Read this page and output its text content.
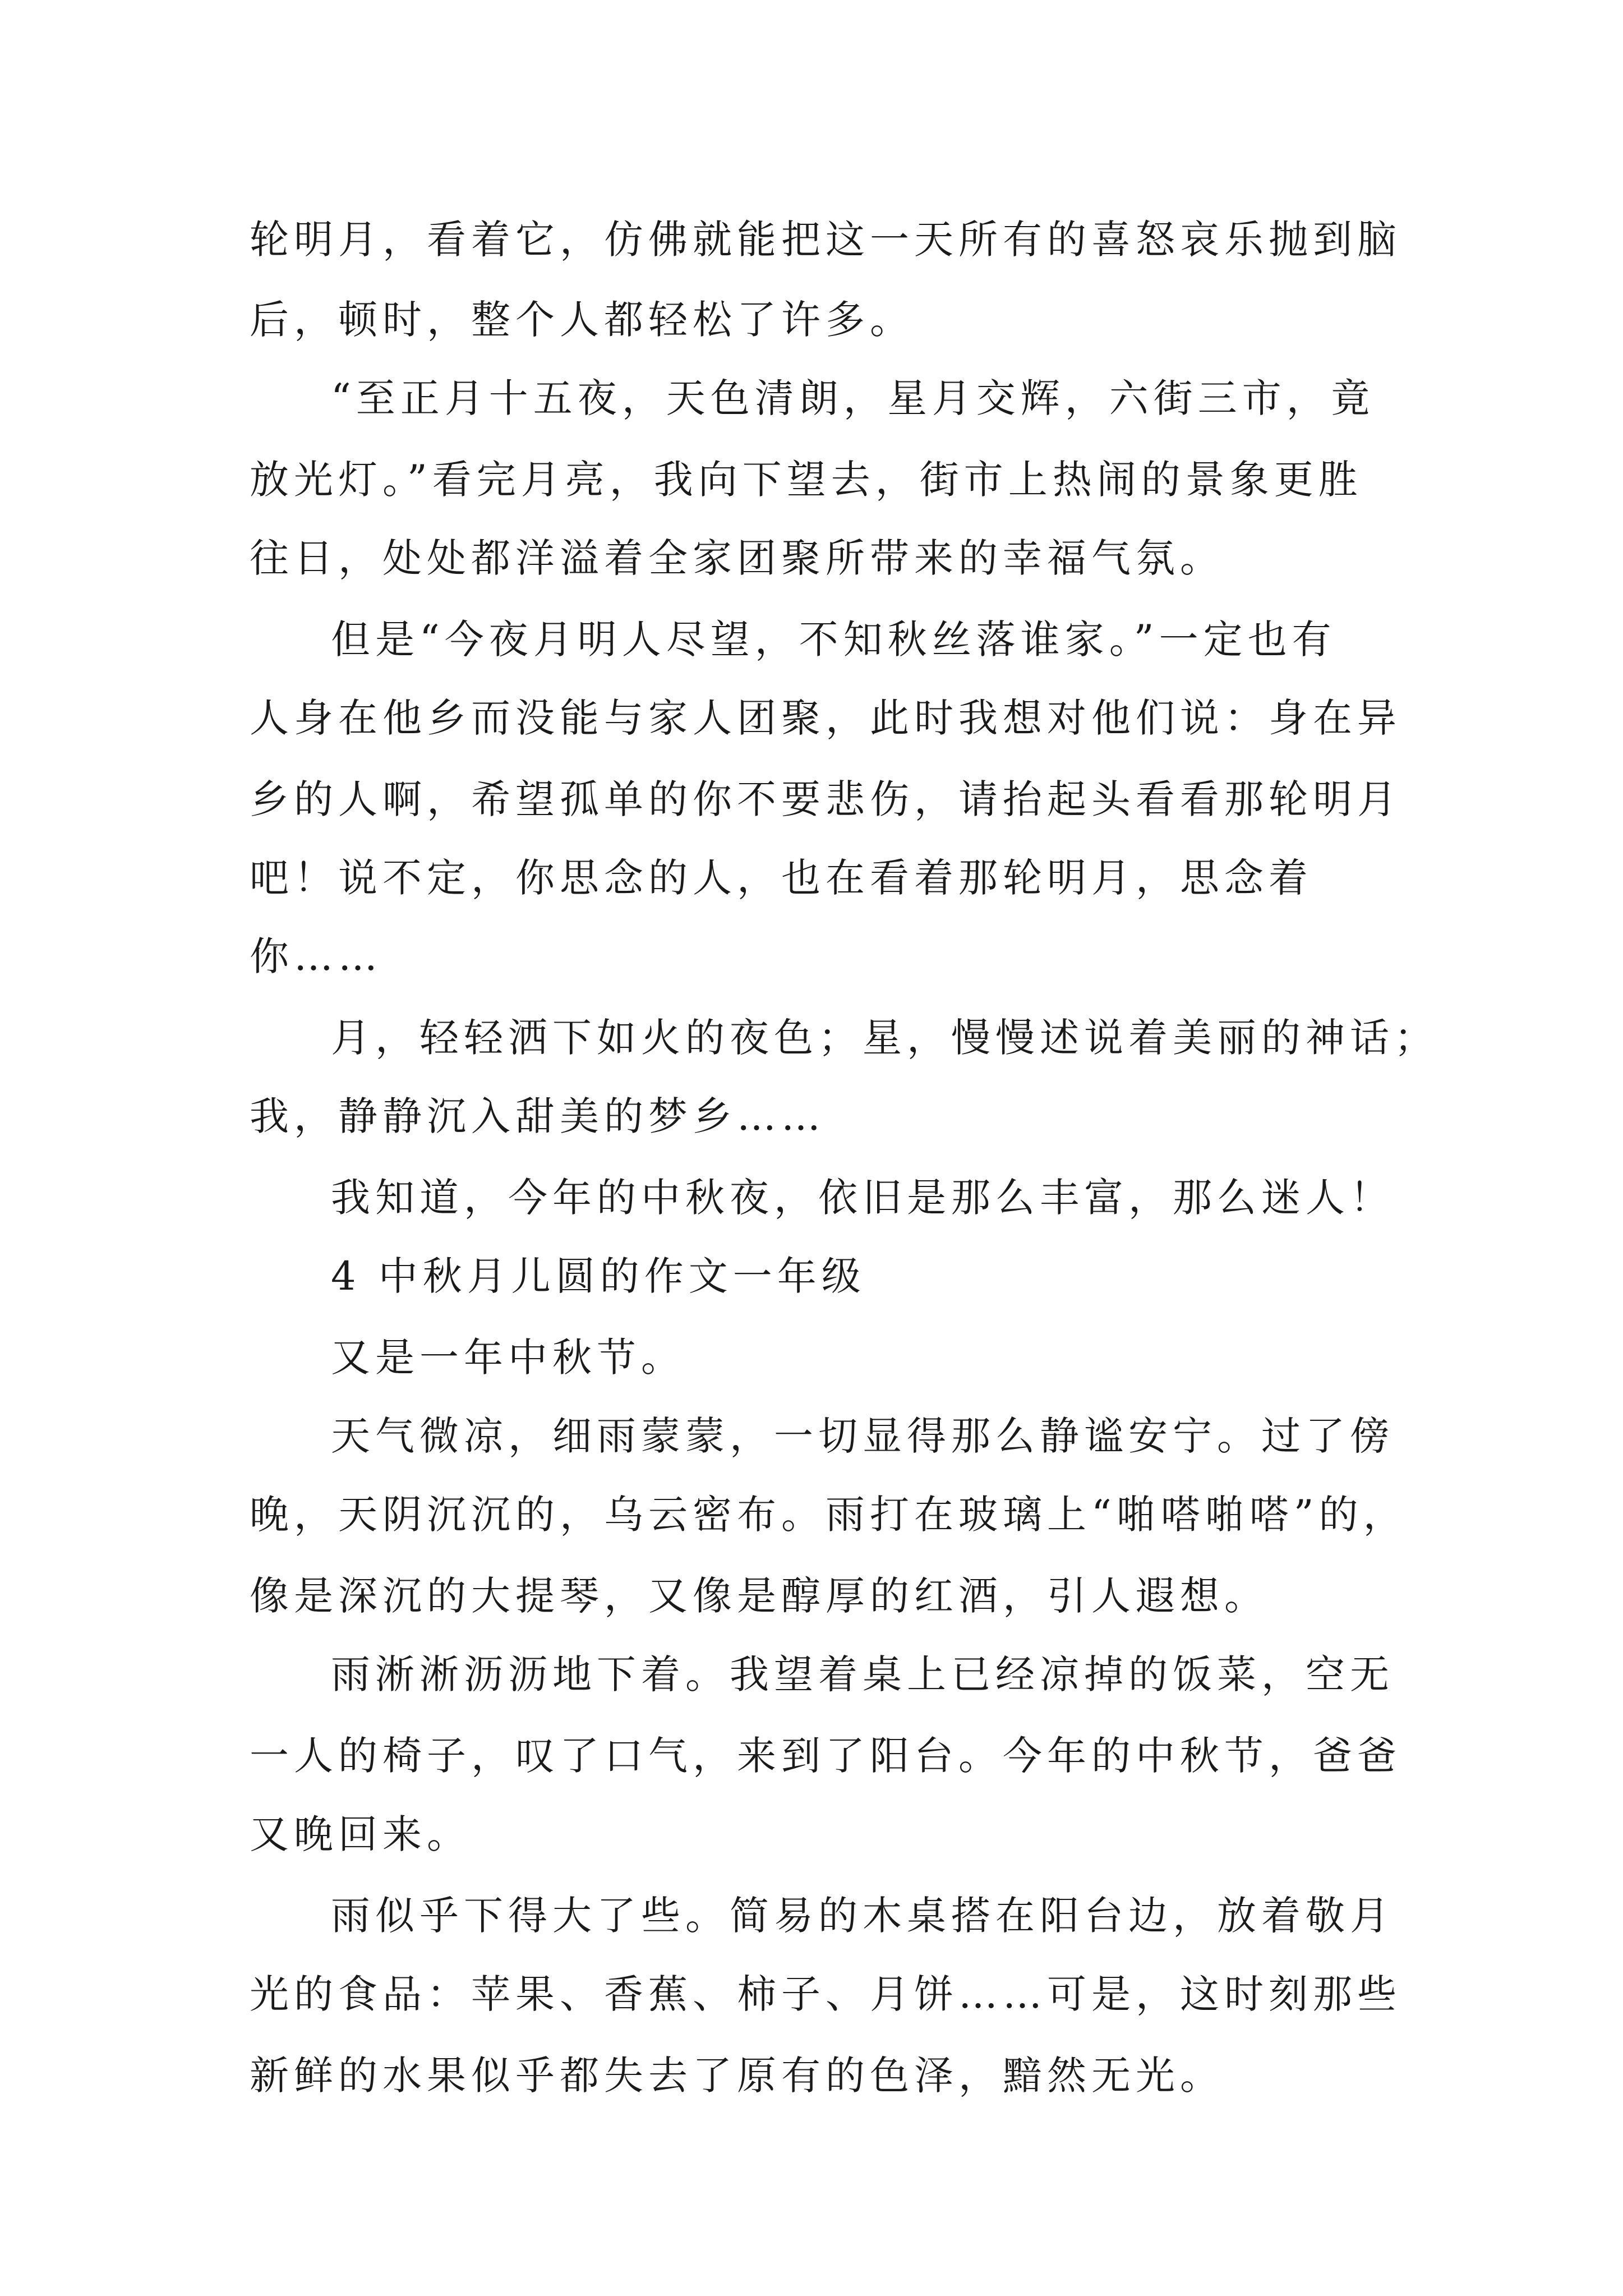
轮明月，看着它，仿佛就能把这一天所有的喜怒哀乐抛到脑
后，顿时，整个人都轻松了许多。
“至正月十五夜，天色清朗，星月交辉，六街三市，竟
放光灯。”看完月亮，我向下望去，街市上热闹的景象更胜
往日，处处都洋溢着全家团聚所带来的幸福气氛。
但是“今夜月明人尽望，不知秋丝落谁家。”一定也有
人身在他乡而没能与家人团聚，此时我想对他们说：身在异
乡的人啊，希望孤单的你不要悲伤，请抬起头看看那轮明月
吧！说不定，你思念的人，也在看着那轮明月，思念着
你……
月，轻轻洒下如火的夜色；星，慢慢述说着美丽的神话；
我，静静沉入甜美的梦乡……
我知道，今年的中秋夜，依旧是那么丰富，那么迷人！
4 中秋月儿圆的作文一年级
又是一年中秋节。
天气微凉，细雨蒙蒙，一切显得那么静谧安宁。过了傍
晚，天阴沉沉的，乌云密布。雨打在玻璃上“啪嗒啪嗒”的，
像是深沉的大提琴，又像是醇厚的红酒，引人遐想。
雨淅淅沥沥地下着。我望着桌上已经凉掉的饭菜，空无
一人的椅子，叹了口气，来到了阳台。今年的中秋节，爸爸
又晚回来。
雨似乎下得大了些。简易的木桌搭在阳台边，放着敬月
光的食品：苹果、香蕉、柿子、月饼……可是，这时刻那些
新鲜的水果似乎都失去了原有的色泽，黯然无光。
